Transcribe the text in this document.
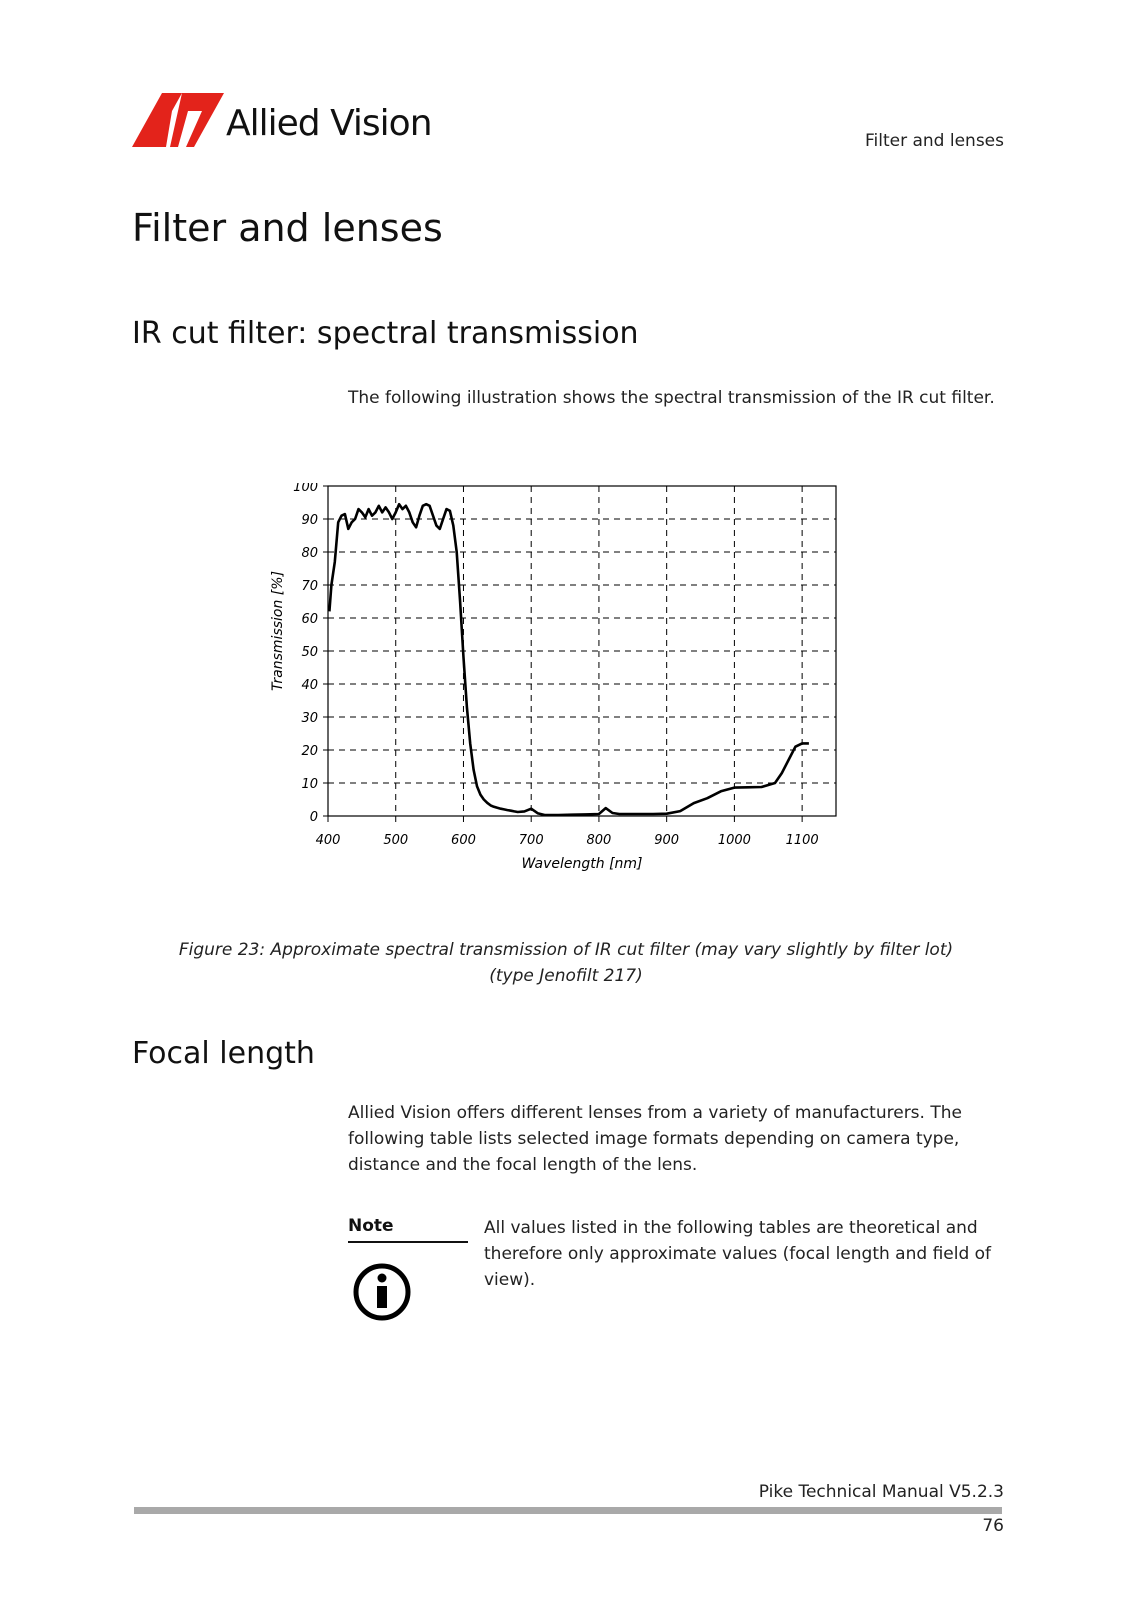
Allied Vision	Filter and lenses
Filter and lenses
IR cut filter: spectral transmission
The following illustration shows the spectral transmission of the IR cut filter.
400	500	600	700	800	900	1000	1100
0
10
20
30
40
50
60
70
80
90
100
Wavelength [nm]
Transmission [%]
Figure 23: Approximate spectral transmission of IR cut filter (may vary slightly by filter lot)
(type Jenofilt 217)
Focal length
Allied Vision offers different lenses from a variety of manufacturers. The following table lists selected image formats depending on camera type, distance and the focal length of the lens.
Note	All values listed in the following tables are theoretical and therefore only approximate values (focal length and field of view).
Pike Technical Manual V5.2.3
76
